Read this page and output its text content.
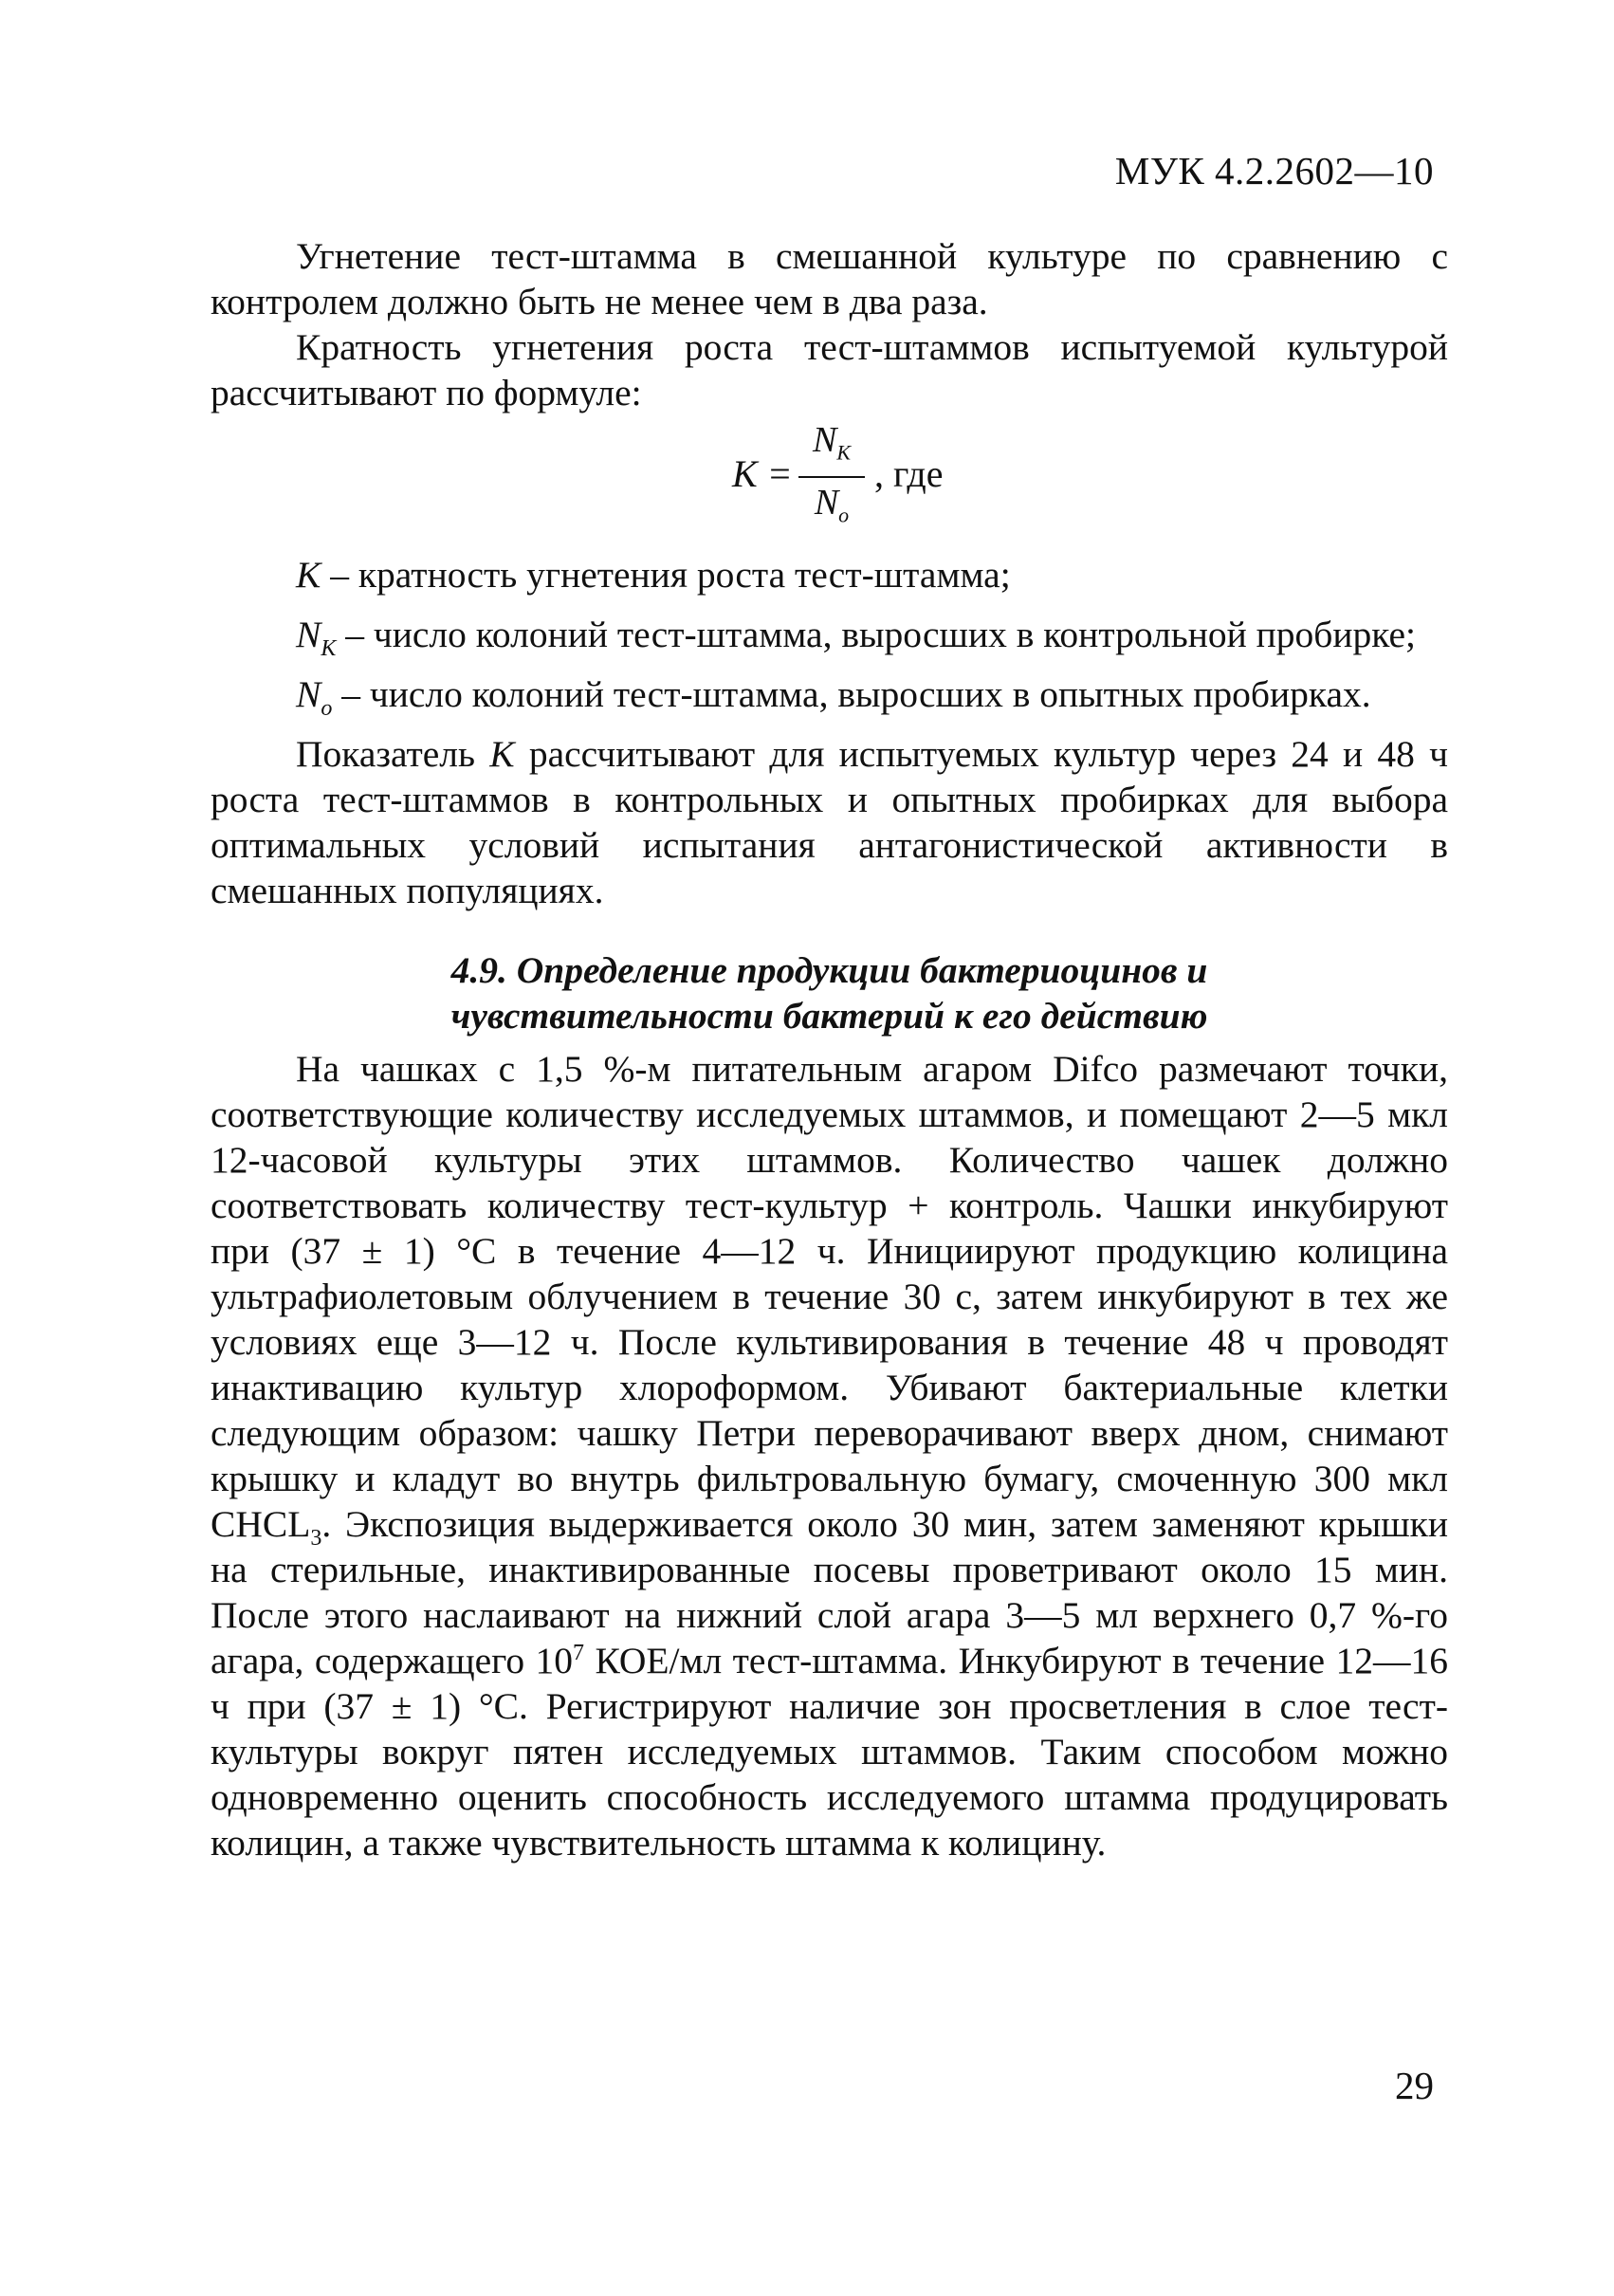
МУК 4.2.2602—10

Угнетение тест-штамма в смешанной культуре по сравнению с контролем должно быть не менее чем в два раза.

Кратность угнетения роста тест-штаммов испытуемой культурой рассчитывают по формуле:

K =
$N_K$
$N_o$
, где

K – кратность угнетения роста тест-штамма;

$N_K$ – число колоний тест-штамма, выросших в контрольной пробирке;

$N_o$ – число колоний тест-штамма, выросших в опытных пробирках.

Показатель K рассчитывают для испытуемых культур через 24 и 48 ч роста тест-штаммов в контрольных и опытных пробирках для выбора оптимальных условий испытания антагонистической активности в смешанных популяциях.

4.9. Определение продукции бактериоцинов и
чувствительности бактерий к его действию

На чашках с 1,5 %-м питательным агаром Difco размечают точки, соответствующие количеству исследуемых штаммов, и помещают 2—5 мкл 12-часовой культуры этих штаммов. Количество чашек должно соответствовать количеству тест-культур + контроль. Чашки инкубируют при (37 ± 1) °С в течение 4—12 ч. Инициируют продукцию колицина ультрафиолетовым облучением в течение 30 с, затем инкубируют в тех же условиях еще 3—12 ч. После культивирования в течение 48 ч проводят инактивацию культур хлороформом. Убивают бактериальные клетки следующим образом: чашку Петри переворачивают вверх дном, снимают крышку и кладут во внутрь фильтровальную бумагу, смоченную 300 мкл $CHCL_3$. Экспозиция выдерживается около 30 мин, затем заменяют крышки на стерильные, инактивированные посевы проветривают около 15 мин. После этого наслаивают на нижний слой агара 3—5 мл верхнего 0,7 %-го агара, содержащего $10^7$ КОЕ/мл тест-штамма. Инкубируют в течение 12—16 ч при (37 ± 1) °С. Регистрируют наличие зон просветления в слое тест-культуры вокруг пятен исследуемых штаммов. Таким способом можно одновременно оценить способность исследуемого штамма продуцировать колицин, а также чувствительность штамма к колицину.

29
